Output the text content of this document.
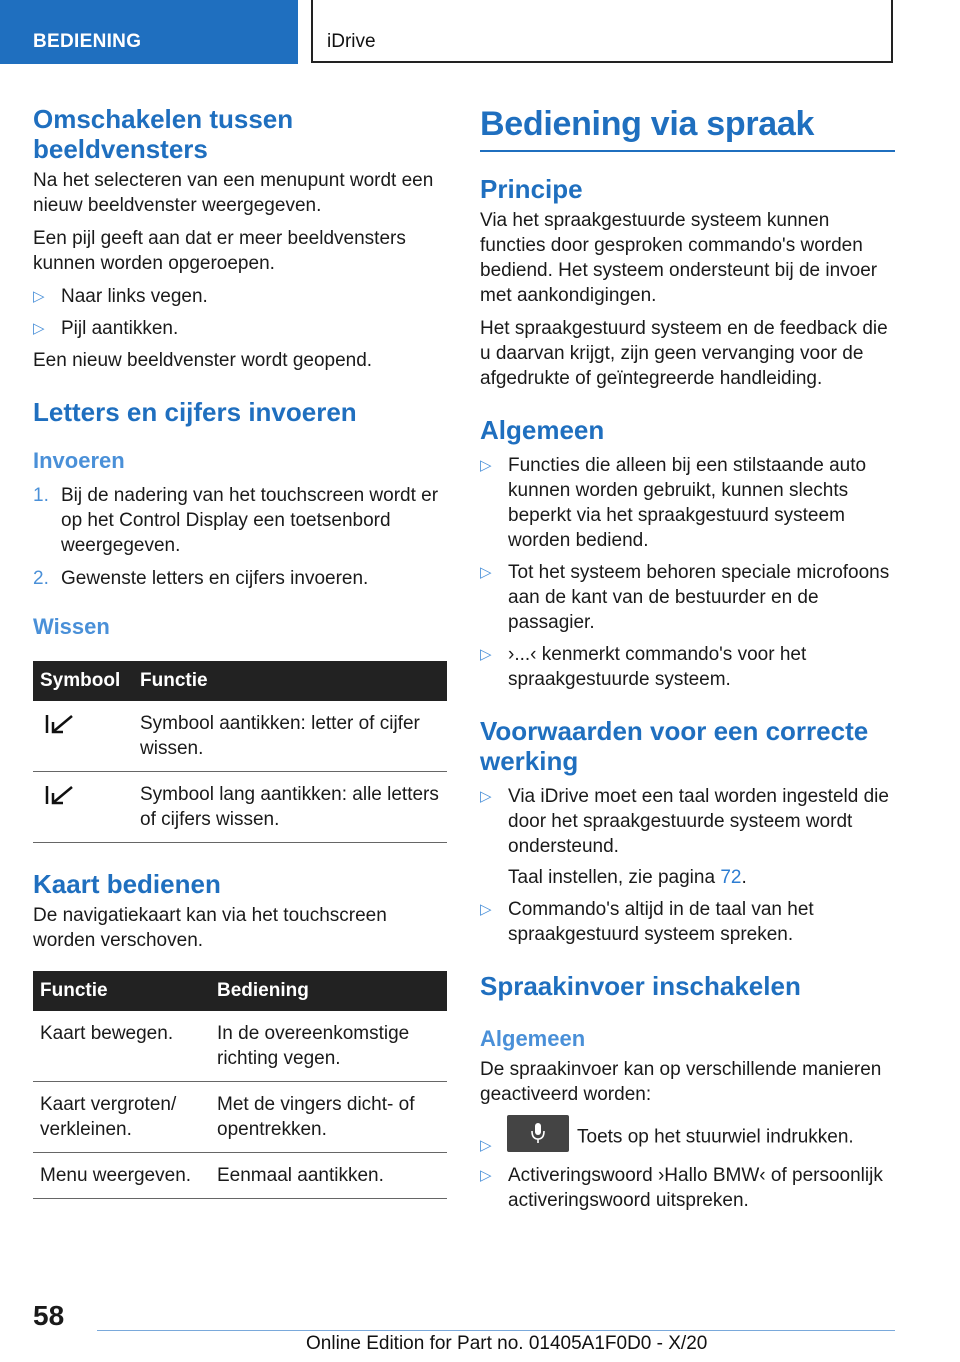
BEDIENING	iDrive
Omschakelen tussen beeldvensters

Na het selecteren van een menupunt wordt een nieuw beeldvenster weergegeven.

Een pijl geeft aan dat er meer beeldvensters kunnen worden opgeroepen.

▷ Naar links vegen.
▷ Pijl aantikken.

Een nieuw beeldvenster wordt geopend.

Letters en cijfers invoeren
Invoeren
1. Bij de nadering van het touchscreen wordt er op het Control Display een toetsenbord weergegeven.
2. Gewenste letters en cijfers invoeren.
Wissen
Symbool	Functie
	Symbool aantikken: letter of cijfer wissen.
	Symbool lang aantikken: alle letters of cijfers wissen.
Kaart bedienen

De navigatiekaart kan via het touchscreen worden verschoven.

Functie	Bediening
Kaart bewegen.	In de overeenkomstige richting vegen.
Kaart vergroten/ verkleinen.	Met de vingers dicht- of opentrekken.
Menu weergeven.	Eenmaal aantikken.
Bediening via spraak
Principe

Via het spraakgestuurde systeem kunnen functies door gesproken commando's worden bediend. Het systeem ondersteunt bij de invoer met aankondigingen.

Het spraakgestuurd systeem en de feedback die u daarvan krijgt, zijn geen vervanging voor de afgedrukte of geïntegreerde handleiding.

Algemeen
▷ Functies die alleen bij een stilstaande auto kunnen worden gebruikt, kunnen slechts beperkt via het spraakgestuurd systeem worden bediend.
▷ Tot het systeem behoren speciale microfoons aan de kant van de bestuurder en de passagier.
▷ ›...‹ kenmerkt commando's voor het spraakgestuurde systeem.
Voorwaarden voor een correcte werking
▷ Via iDrive moet een taal worden ingesteld die door het spraakgestuurde systeem wordt ondersteund.
Taal instellen, zie pagina 72.
▷ Commando's altijd in de taal van het spraakgestuurd systeem spreken.
Spraakinvoer inschakelen
Algemeen

De spraakinvoer kan op verschillende manieren geactiveerd worden:

▷	Toets op het stuurwiel indrukken.
▷ Activeringswoord ›Hallo BMW‹ of persoonlijk activeringswoord uitspreken.
58
Online Edition for Part no. 01405A1F0D0 - X/20
